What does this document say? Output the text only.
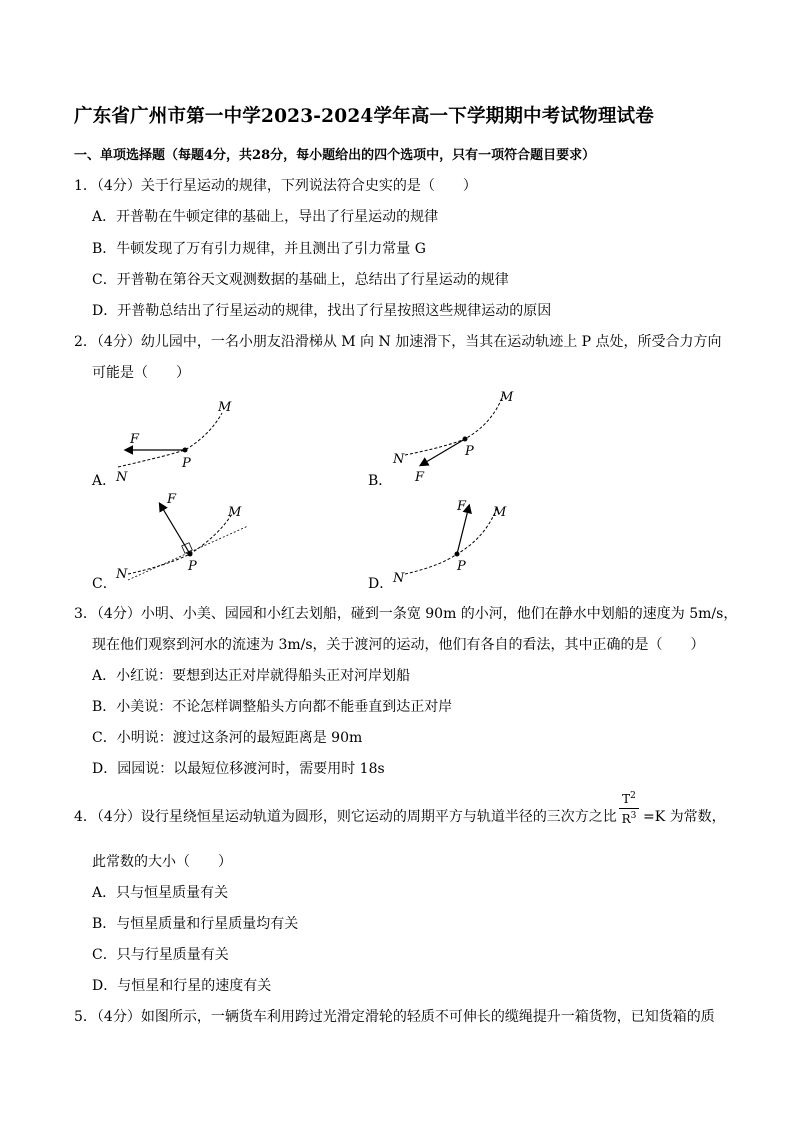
广东省广州市第一中学2023-2024学年高一下学期期中考试物理试卷
一、单项选择题（每题4分，共28分，每小题给出的四个选项中，只有一项符合题目要求）
1．（4分）关于行星运动的规律，下列说法符合史实的是（　　）
A．开普勒在牛顿定律的基础上，导出了行星运动的规律
B．牛顿发现了万有引力规律，并且测出了引力常量 G
C．开普勒在第谷天文观测数据的基础上，总结出了行星运动的规律
D．开普勒总结出了行星运动的规律，找出了行星按照这些规律运动的原因
2．（4分）幼儿园中，一名小朋友沿滑梯从 M 向 N 加速滑下，当其在运动轨迹上 P 点处，所受合力方向
可能是（　　）
A．
F
M
P
N	B．
M
P
N
F
C．
F
M
P
N
D．
F M
P
N
3．（4分）小明、小美、园园和小红去划船，碰到一条宽 90m 的小河，他们在静水中划船的速度为 5m/s，
现在他们观察到河水的流速为 3m/s，关于渡河的运动，他们有各自的看法，其中正确的是（　　）
A．小红说：要想到达正对岸就得船头正对河岸划船
B．小美说：不论怎样调整船头方向都不能垂直到达正对岸
C．小明说：渡过这条河的最短距离是 90m
D．园园说：以最短位移渡河时，需要用时 18s
4．（4分）设行星绕恒星运动轨道为圆形，则它运动的周期平方与轨道半径的三次方之比
$T^2$
$R^3 =K$ 为常数，
此常数的大小（　　）
A．只与恒星质量有关
B．与恒星质量和行星质量均有关
C．只与行星质量有关
D．与恒星和行星的速度有关
5．（4分）如图所示，一辆货车利用跨过光滑定滑轮的轻质不可伸长的缆绳提升一箱货物，已知货箱的质
